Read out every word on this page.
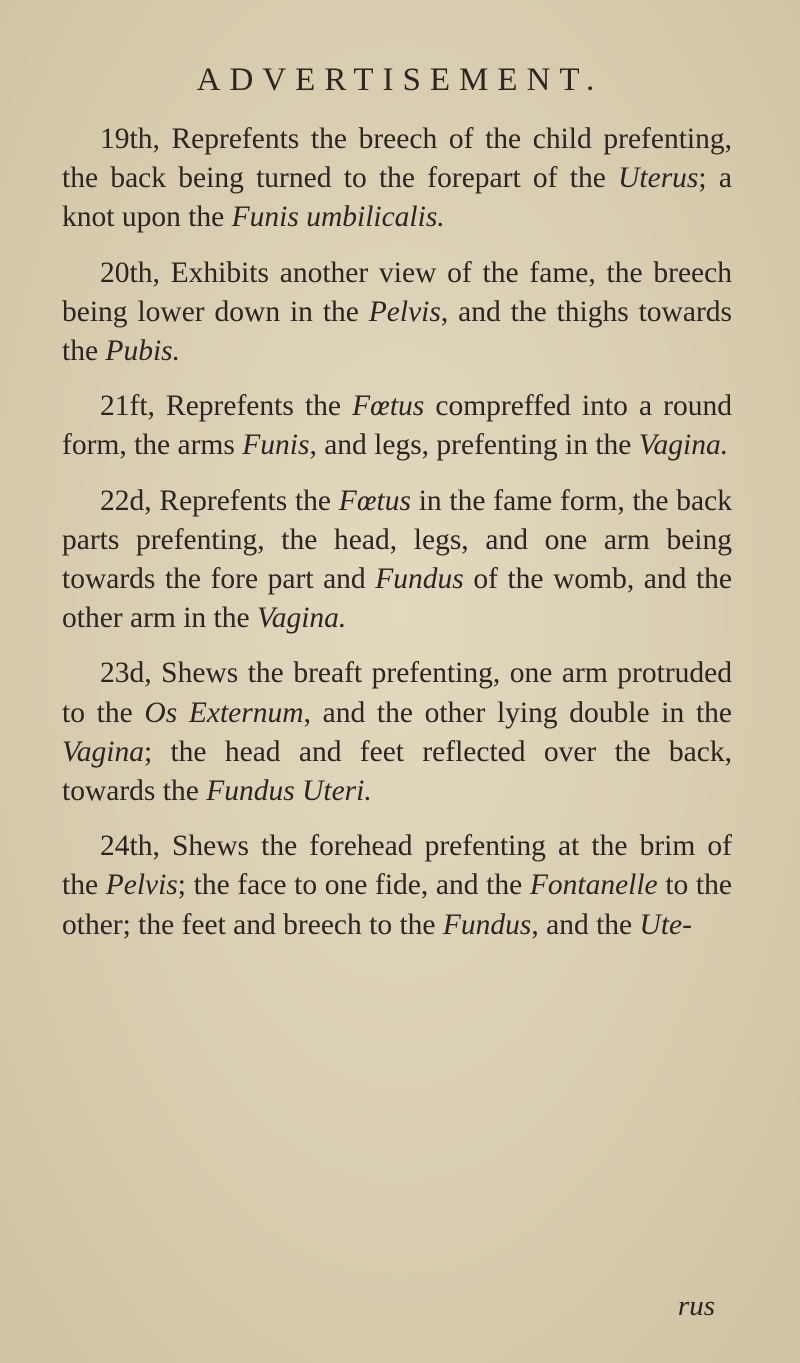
ADVERTISEMENT.

19th, Reprefents the breech of the child prefenting, the back being turned to the forepart of the Uterus; a knot upon the Funis umbilicalis.

20th, Exhibits another view of the fame, the breech being lower down in the Pelvis, and the thighs towards the Pubis.

21ft, Reprefents the Fœtus compreffed into a round form, the arms Funis, and legs, prefenting in the Vagina.

22d, Reprefents the Fœtus in the fame form, the back parts prefenting, the head, legs, and one arm being towards the fore part and Fundus of the womb, and the other arm in the Vagina.

23d, Shews the breaft prefenting, one arm protruded to the Os Externum, and the other lying double in the Vagina; the head and feet reflected over the back, towards the Fundus Uteri.

24th, Shews the forehead prefenting at the brim of the Pelvis; the face to one fide, and the Fontanelle to the other; the feet and breech to the Fundus, and the Ute-

rus
